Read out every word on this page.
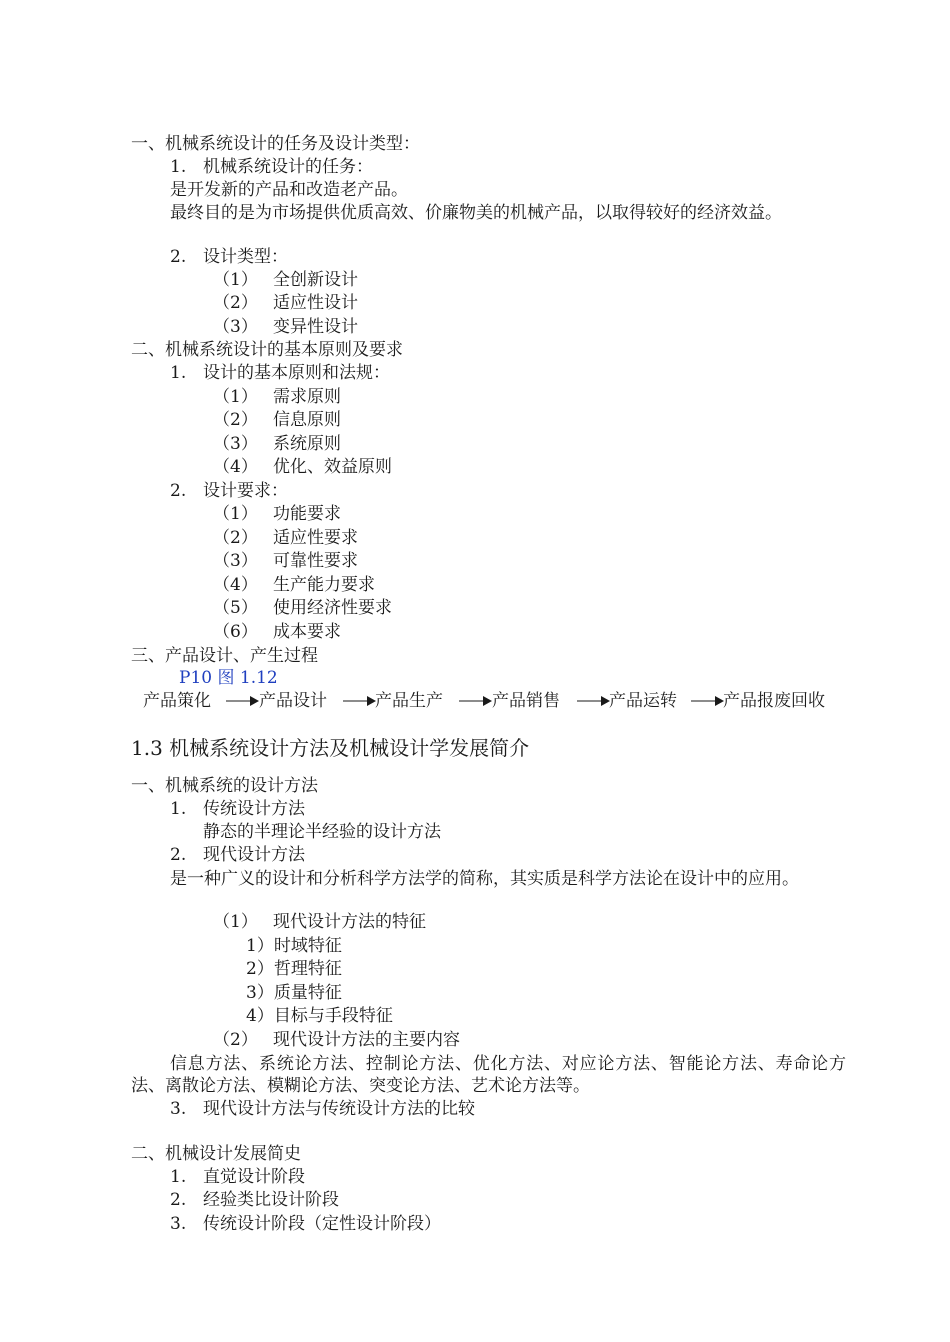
一、机械系统设计的任务及设计类型：
1. 机械系统设计的任务：
是开发新的产品和改造老产品。
最终目的是为市场提供优质高效、价廉物美的机械产品，以取得较好的经济效益。
2. 设计类型：
（1） 全创新设计
（2） 适应性设计
（3） 变异性设计
二、机械系统设计的基本原则及要求
1. 设计的基本原则和法规：
（1） 需求原则
（2） 信息原则
（3） 系统原则
（4） 优化、效益原则
2. 设计要求：
（1） 功能要求
（2） 适应性要求
（3） 可靠性要求
（4） 生产能力要求
（5） 使用经济性要求
（6） 成本要求
三、产品设计、产生过程
P10 图 1.12
产品策化	产品设计	产品生产	产品销售	产品运转	产品报废回收
1.3 机械系统设计方法及机械设计学发展简介
一、机械系统的设计方法
1. 传统设计方法
静态的半理论半经验的设计方法
2. 现代设计方法
是一种广义的设计和分析科学方法学的简称，其实质是科学方法论在设计中的应用。
（1） 现代设计方法的特征
1）时域特征
2）哲理特征
3）质量特征
4）目标与手段特征
（2） 现代设计方法的主要内容
信息方法、系统论方法、控制论方法、优化方法、对应论方法、智能论方法、寿命论方法、离散论方法、模糊论方法、突变论方法、艺术论方法等。
3. 现代设计方法与传统设计方法的比较
二、机械设计发展简史
1. 直觉设计阶段
2. 经验类比设计阶段
3. 传统设计阶段（定性设计阶段）
